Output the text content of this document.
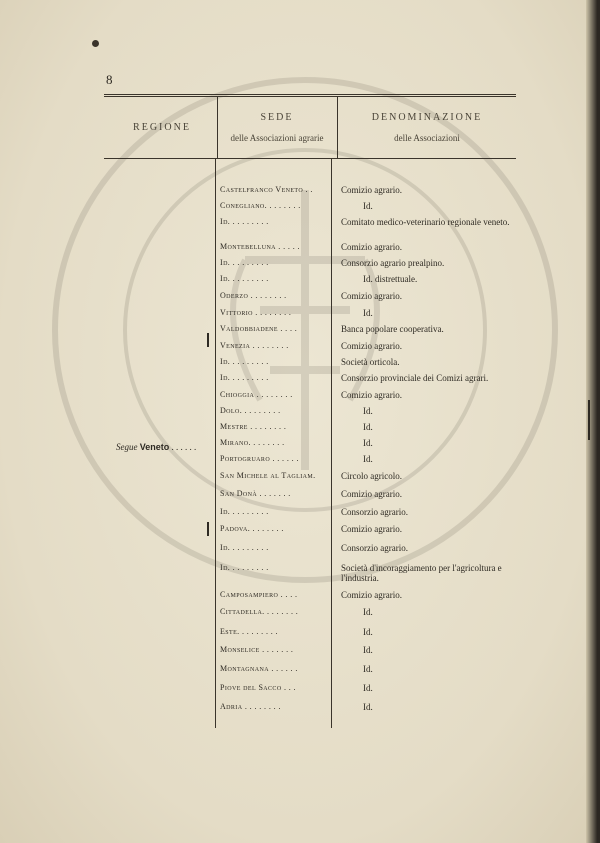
8
REGIONE
SEDE
delle Associazioni agrarie
DENOMINAZIONE
delle Associazioni
Segue Veneto . . . . . .
Castelfranco Veneto . .	Comizio agrario.
Conegliano. . . . . . . .	Id.
Id. . . . . . . . .	Comitato medico-veterinario regionale veneto.
Montebelluna . . . . .	Comizio agrario.
Id. . . . . . . . .	Consorzio agrario prealpino.
Id. . . . . . . . .	Id. distrettuale.
Oderzo . . . . . . . .	Comizio agrario.
Vittorio . . . . . . . .	Id.
Valdobbiadene . . . .	Banca popolare cooperativa.
Venezia . . . . . . . .	Comizio agrario.
Id. . . . . . . . .	Società orticola.
Id. . . . . . . . .	Consorzio provinciale dei Comizi agrari.
Chioggia . . . . . . . .	Comizio agrario.
Dolo. . . . . . . . .	Id.
Mestre . . . . . . . .	Id.
Mirano. . . . . . . .	Id.
Portogruaro . . . . . .	Id.
San Michele al Tagliam.	Circolo agricolo.
San Donà . . . . . . .	Comizio agrario.
Id. . . . . . . . .	Consorzio agrario.
Padova. . . . . . . .	Comizio agrario.
Id. . . . . . . . .	Consorzio agrario.
Id. . . . . . . . .	Società d'incoraggiamento per l'agricoltura e l'industria.
Camposampiero . . . .	Comizio agrario.
Cittadella. . . . . . . .	Id.
Este. . . . . . . . .	Id.
Monselice . . . . . . .	Id.
Montagnana . . . . . .	Id.
Piove del Sacco . . .	Id.
Adria . . . . . . . .	Id.
